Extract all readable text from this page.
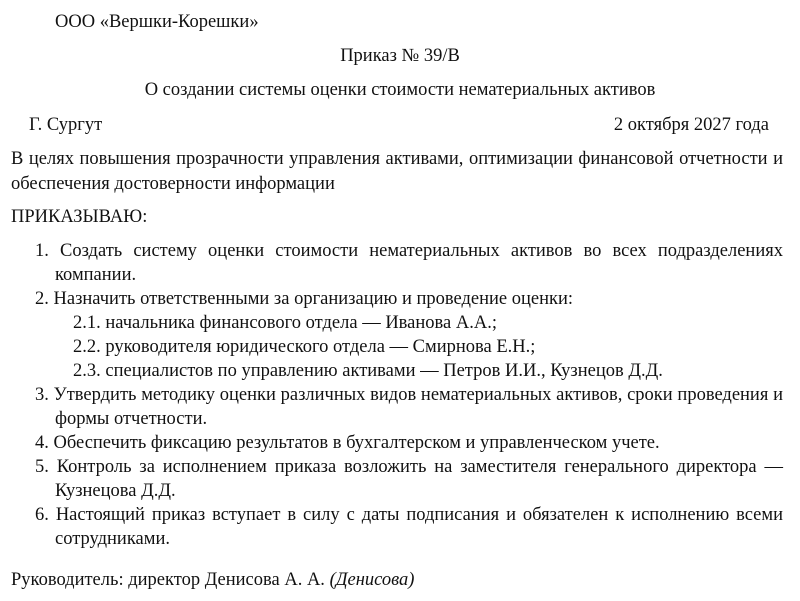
ООО «Вершки-Корешки»
Приказ № 39/В
О создании системы оценки стоимости нематериальных активов
Г. Сургут	2 октября 2027 года
В целях повышения прозрачности управления активами, оптимизации финансовой отчетности и обеспечения достоверности информации
ПРИКАЗЫВАЮ:
1. Создать систему оценки стоимости нематериальных активов во всех подразделениях компании.
2. Назначить ответственными за организацию и проведение оценки:
2.1. начальника финансового отдела — Иванова А.А.;
2.2. руководителя юридического отдела — Смирнова Е.Н.;
2.3. специалистов по управлению активами — Петров И.И., Кузнецов Д.Д.
3. Утвердить методику оценки различных видов нематериальных активов, сроки проведения и формы отчетности.
4. Обеспечить фиксацию результатов в бухгалтерском и управленческом учете.
5. Контроль за исполнением приказа возложить на заместителя генерального директора — Кузнецова Д.Д.
6. Настоящий приказ вступает в силу с даты подписания и обязателен к исполнению всеми сотрудниками.
Руководитель: директор Денисова А. А. (Денисова)
